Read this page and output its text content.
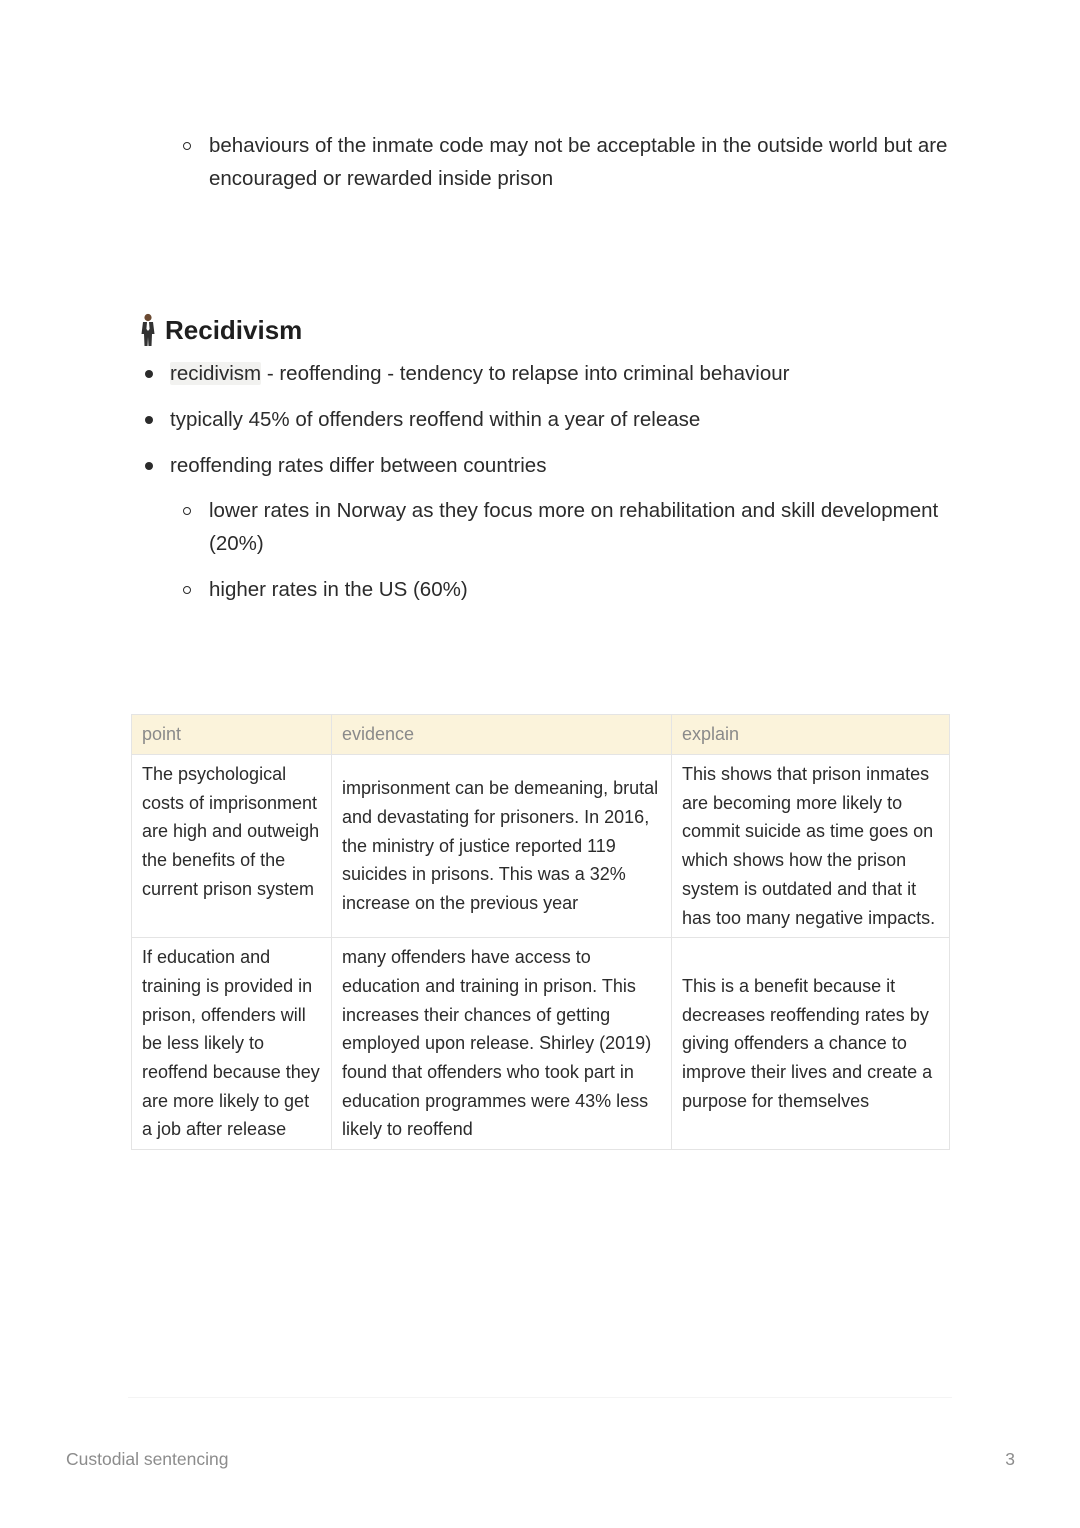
behaviours of the inmate code may not be acceptable in the outside world but are encouraged or rewarded inside prison
Recidivism
recidivism - reoffending - tendency to relapse into criminal behaviour
typically 45% of offenders reoffend within a year of release
reoffending rates differ between countries
lower rates in Norway as they focus more on rehabilitation and skill development (20%)
higher rates in the US (60%)
point	evidence	explain
The psychological costs of imprisonment are high and outweigh the benefits of the current prison system	imprisonment can be demeaning, brutal and devastating for prisoners. In 2016, the ministry of justice reported 119 suicides in prisons. This was a 32% increase on the previous year	This shows that prison inmates are becoming more likely to commit suicide as time goes on which shows how the prison system is outdated and that it has too many negative impacts.
If education and training is provided in prison, offenders will be less likely to reoffend because they are more likely to get a job after release	many offenders have access to education and training in prison. This increases their chances of getting employed upon release. Shirley (2019) found that offenders who took part in education programmes were 43% less likely to reoffend	This is a benefit because it decreases reoffending rates by giving offenders a chance to improve their lives and create a purpose for themselves
Custodial sentencing	3
